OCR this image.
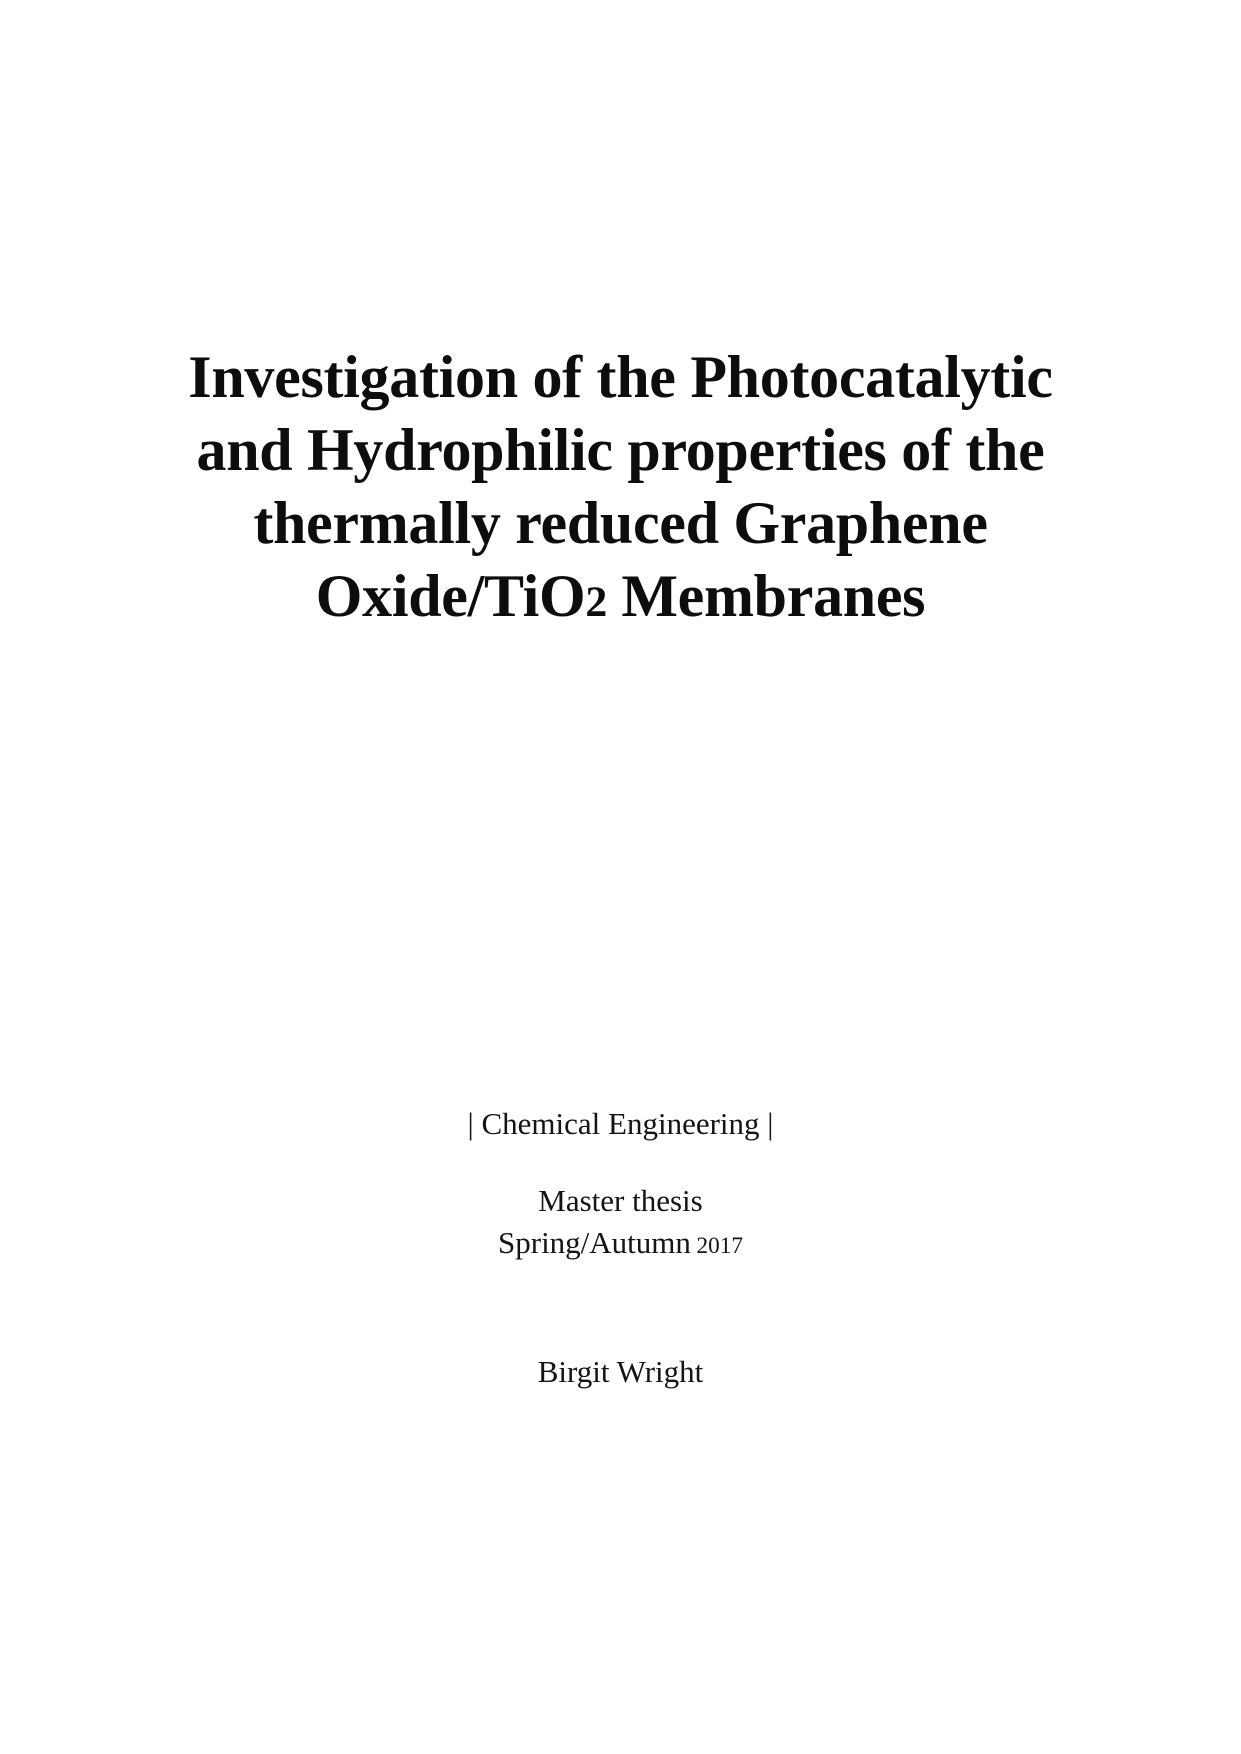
Investigation of the Photocatalytic
and Hydrophilic properties of the
thermally reduced Graphene
Oxide/TiO2 Membranes
| Chemical Engineering |
Master thesis
Spring/Autumn 2017
Birgit Wright
